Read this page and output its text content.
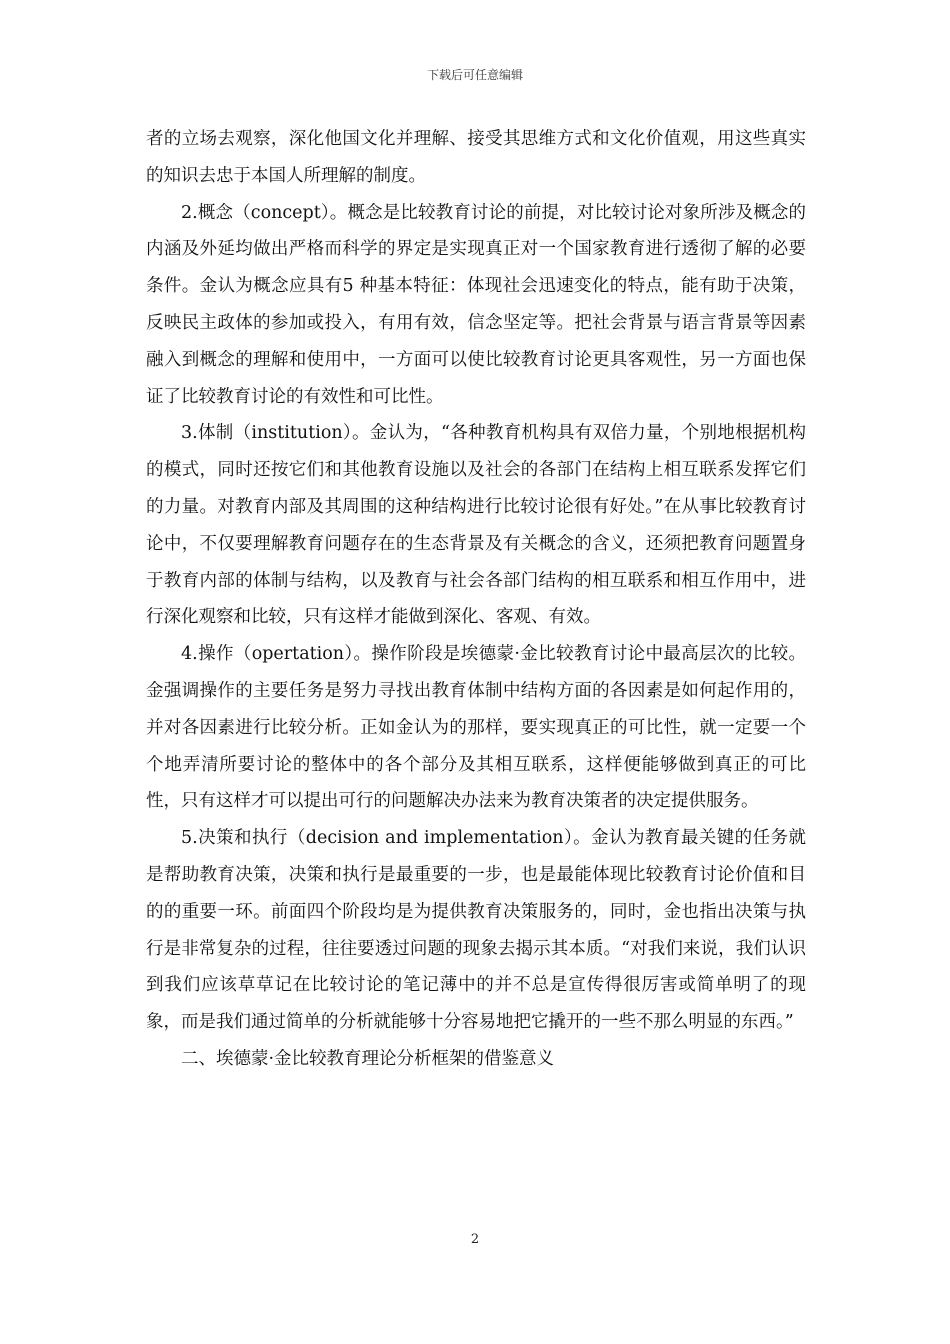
下载后可任意编辑

者的立场去观察，深化他国文化并理解、接受其思维方式和文化价值观，用这些真实的知识去忠于本国人所理解的制度。

2.概念（concept）。概念是比较教育讨论的前提，对比较讨论对象所涉及概念的内涵及外延均做出严格而科学的界定是实现真正对一个国家教育进行透彻了解的必要条件。金认为概念应具有5 种基本特征：体现社会迅速变化的特点，能有助于决策，反映民主政体的参加或投入，有用有效，信念坚定等。把社会背景与语言背景等因素融入到概念的理解和使用中，一方面可以使比较教育讨论更具客观性，另一方面也保证了比较教育讨论的有效性和可比性。

3.体制（institution）。金认为，“各种教育机构具有双倍力量，个别地根据机构的模式，同时还按它们和其他教育设施以及社会的各部门在结构上相互联系发挥它们的力量。对教育内部及其周围的这种结构进行比较讨论很有好处。”在从事比较教育讨论中，不仅要理解教育问题存在的生态背景及有关概念的含义，还须把教育问题置身于教育内部的体制与结构，以及教育与社会各部门结构的相互联系和相互作用中，进行深化观察和比较，只有这样才能做到深化、客观、有效。

4.操作（opertation）。操作阶段是埃德蒙·金比较教育讨论中最高层次的比较。金强调操作的主要任务是努力寻找出教育体制中结构方面的各因素是如何起作用的，并对各因素进行比较分析。正如金认为的那样，要实现真正的可比性，就一定要一个个地弄清所要讨论的整体中的各个部分及其相互联系，这样便能够做到真正的可比性，只有这样才可以提出可行的问题解决办法来为教育决策者的决定提供服务。

5.决策和执行（decision and implementation）。金认为教育最关键的任务就是帮助教育决策，决策和执行是最重要的一步，也是最能体现比较教育讨论价值和目的的重要一环。前面四个阶段均是为提供教育决策服务的，同时，金也指出决策与执行是非常复杂的过程，往往要透过问题的现象去揭示其本质。“对我们来说，我们认识到我们应该草草记在比较讨论的笔记薄中的并不总是宣传得很厉害或简单明了的现象，而是我们通过简单的分析就能够十分容易地把它撬开的一些不那么明显的东西。”

二、埃德蒙·金比较教育理论分析框架的借鉴意义

2
